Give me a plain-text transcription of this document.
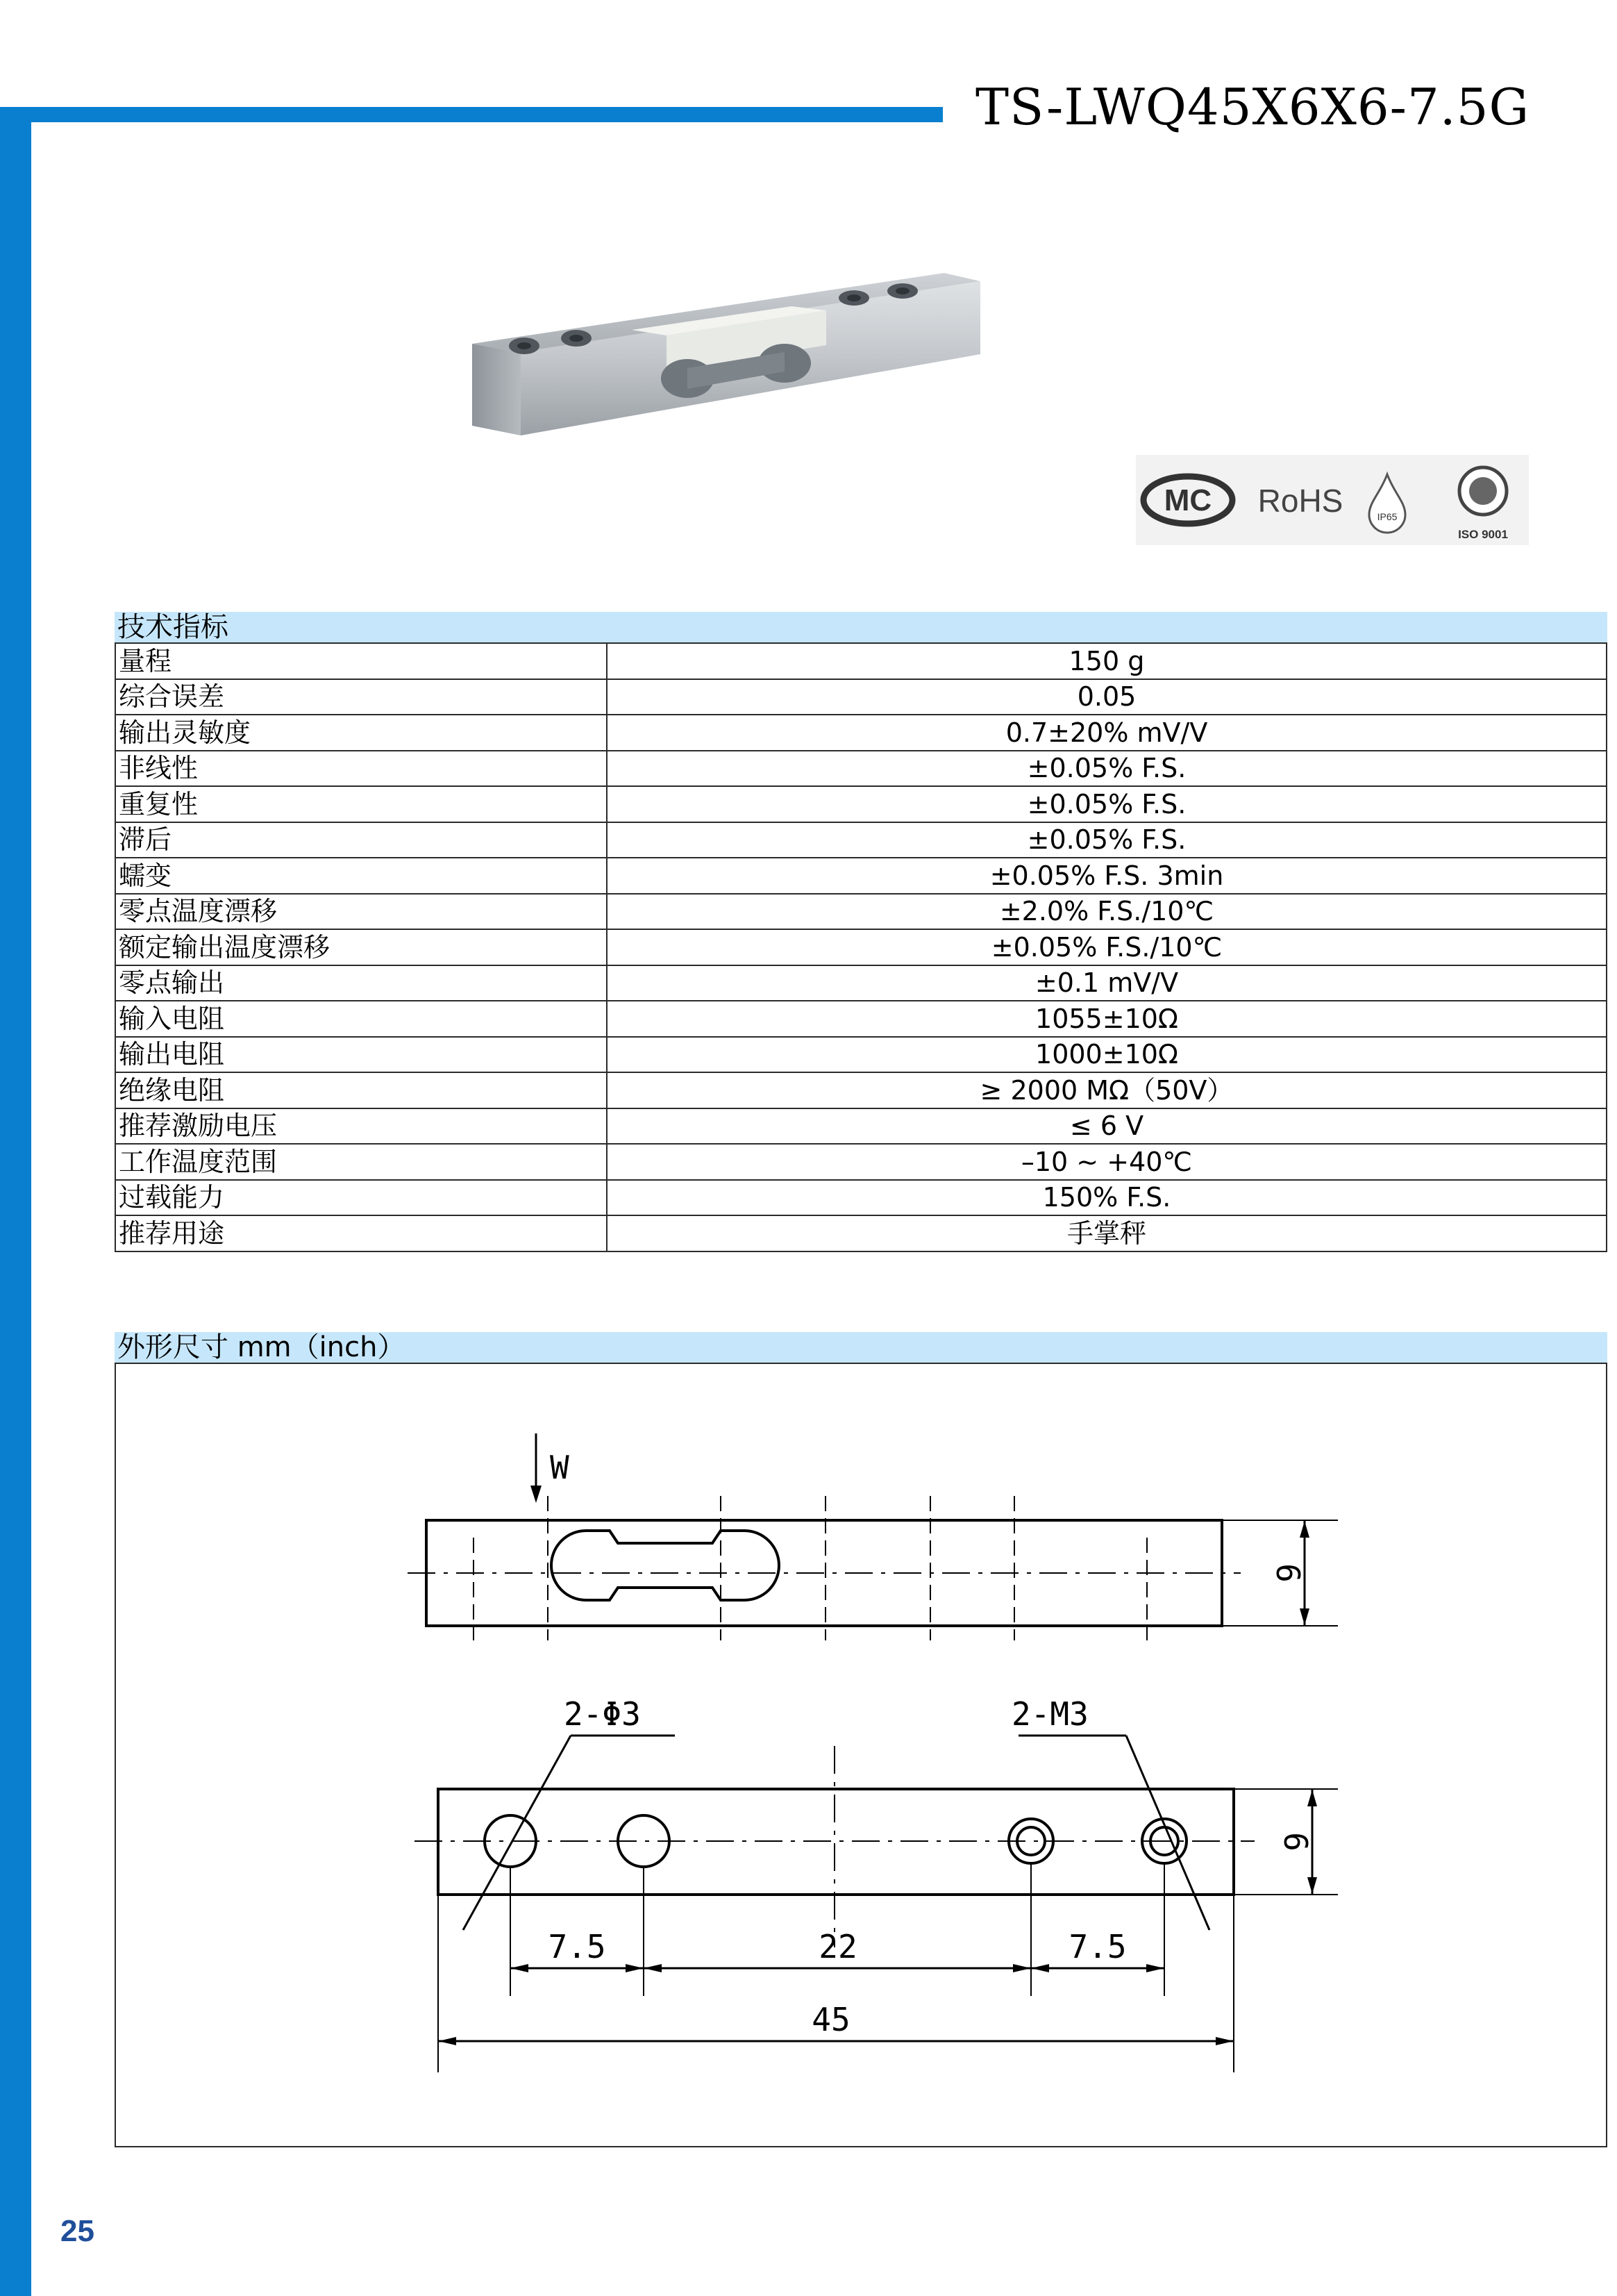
TS-LWQ45X6X6-7.5G
MC RoHS	IP65
ISO 9001
技术指标
量程	150 g
综合误差	0.05
输出灵敏度	0.7±20% mV/V
非线性	±0.05% F.S.
重复性	±0.05% F.S.
滞后	±0.05% F.S.
蠕变	±0.05% F.S. 3min
零点温度漂移	±2.0% F.S./10℃
额定输出温度漂移	±0.05% F.S./10℃
零点输出	±0.1 mV/V
输入电阻	1055±10Ω
输出电阻	1000±10Ω
绝缘电阻	≥ 2000 MΩ（50V）
推荐激励电压	≤ 6 V
工作温度范围	–10 ~ +40℃
过载能力	150% F.S.
推荐用途	手掌秤
外形尺寸 mm（inch）
W
6
6
2-Φ3	2-M3
7.5	22	7.5
45
25
